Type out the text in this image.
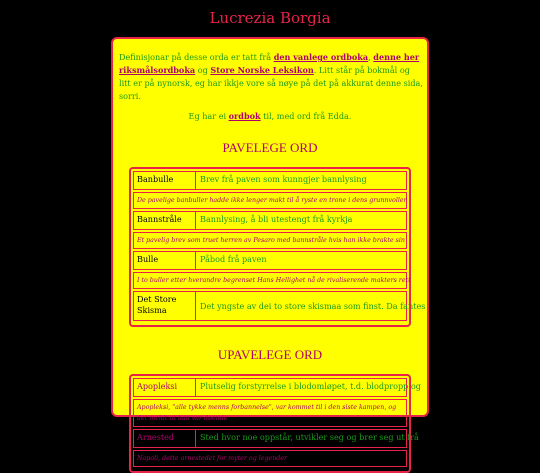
Lucrezia Borgia
Definisjonar på desse orda er tatt frå den vanlege ordboka, denne her riksmålsordboka og Store Norske Leksikon. Litt står på bokmål og litt er på nynorsk, eg har ikkje vore så nøye på det på akkurat denne sida, sorri.
Eg har ei ordbok til, med ord frå Edda.
PAVELEGE ORD
Banbulle	Brev frå paven som kunngjer bannlysing
De pavelige banbuller hadde ikke lenger makt til å ryste en trone i dens grunnvoller
Bannstråle	Bannlysing, å bli utestengt frå kyrkja
Et pavelig brev som truet herren av Pesaro med bannstråle hvis han ikke brakte sin
Bulle	Påbod frå paven
I to buller etter hverandre begrenset Hans Hellighet nå de rivaliserende makters rett
Det Store Skisma	Det yngste av dei to store skismaa som finst. Da fantes
UPAVELEGE ORD
Apopleksi	Plutselig forstyrrelse i blodomløpet, t.d. blodpropp og
Apopleksi, "alle tykke menns forbannelse", var kommet til i den siste kampen, og det meldt at han var døende
Arnested	Sted hvor noe oppstår, utvikler seg og brer seg ut frå
Napoli, dette arnestedet for myter og legender
